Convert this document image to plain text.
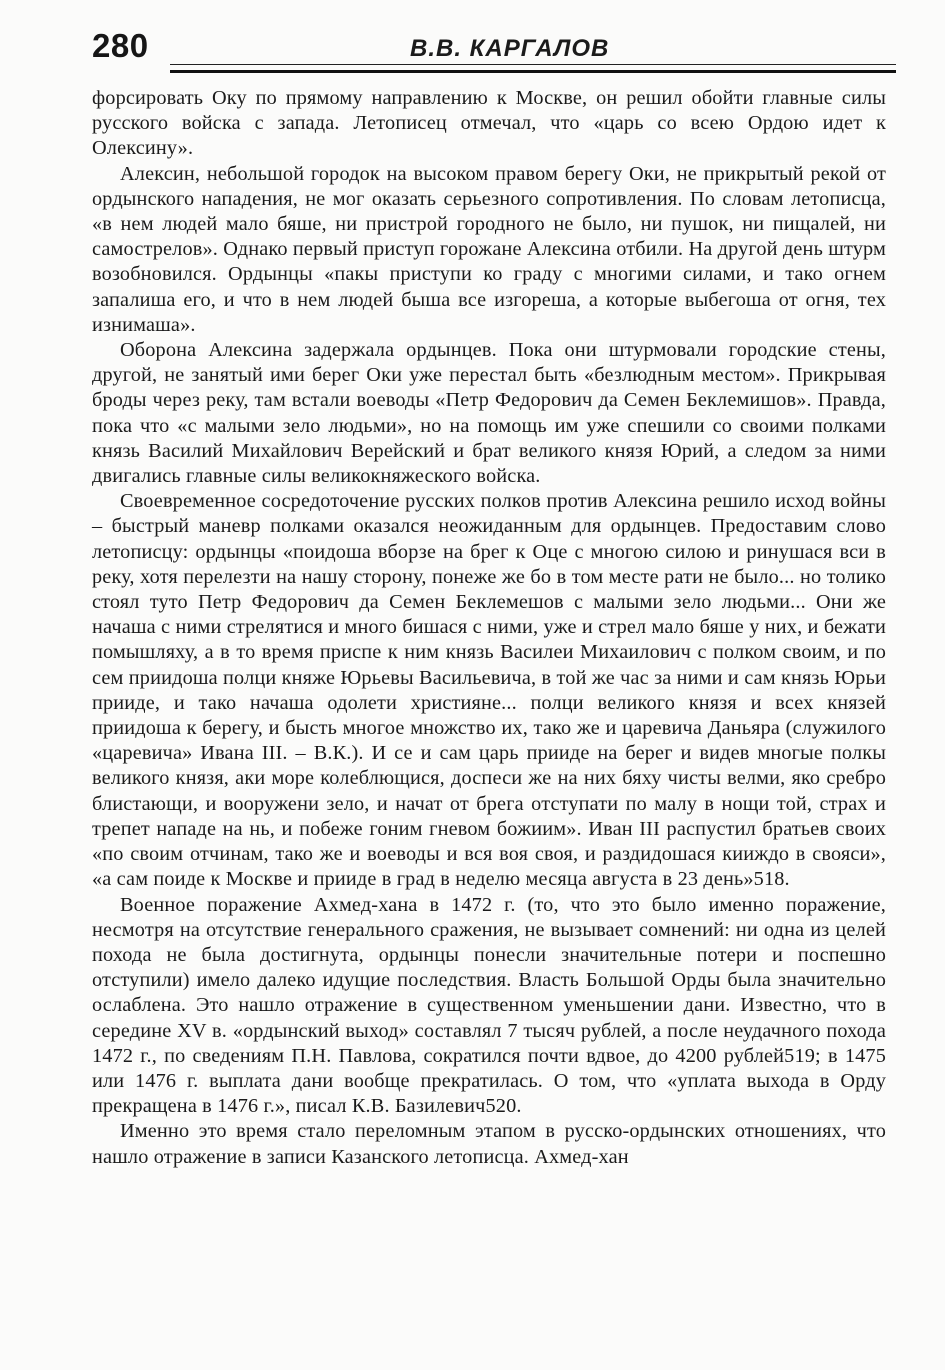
280	В.В. КАРГАЛОВ

форсировать Оку по прямому направлению к Москве, он решил обойти главные силы русского войска с запада. Летописец отмечал, что «царь со всею Ордою идет к Олексину».

Алексин, небольшой городок на высоком правом берегу Оки, не прикрытый рекой от ордынского нападения, не мог оказать серьезного сопротивления. По словам летописца, «в нем людей мало бяше, ни пристрой городного не было, ни пушок, ни пищалей, ни самострелов». Однако первый приступ горожане Алексина отбили. На другой день штурм возобновился. Ордынцы «пакы приступи ко граду с многими силами, и тако огнем запалиша его, и что в нем людей быша все изгореша, а которые выбегоша от огня, тех изнимаша».

Оборона Алексина задержала ордынцев. Пока они штурмовали городские стены, другой, не занятый ими берег Оки уже перестал быть «безлюдным местом». Прикрывая броды через реку, там встали воеводы «Петр Федорович да Семен Беклемишов». Правда, пока что «с малыми зело людьми», но на помощь им уже спешили со своими полками князь Василий Михайлович Верейский и брат великого князя Юрий, а следом за ними двигались главные силы великокняжеского войска.

Своевременное сосредоточение русских полков против Алексина решило исход войны – быстрый маневр полками оказался неожиданным для ордынцев. Предоставим слово летописцу: ордынцы «поидоша вборзе на брег к Оце с многою силою и ринушася вси в реку, хотя перелезти на нашу сторону, понеже же бо в том месте рати не было... но толико стоял туто Петр Федорович да Семен Беклемешов с малыми зело людьми... Они же начаша с ними стрелятися и много бишася с ними, уже и стрел мало бяше у них, и бежати помышляху, а в то время приспе к ним князь Василеи Михаилович с полком своим, и по сем приидоша полци княже Юрьевы Васильевича, в той же час за ними и сам князь Юрьи прииде, и тако начаша одолети християне... полци великого князя и всех князей приидоша к берегу, и бысть многое множство их, тако же и царевича Даньяра (служилого «царевича» Ивана III. – В.К.). И се и сам царь прииде на берег и видев многые полкы великого князя, аки море колеблющися, доспеси же на них бяху чисты велми, яко сребро блистающи, и вооружени зело, и начат от брега отступати по малу в нощи той, страх и трепет нападе на нь, и побеже гоним гневом божиим». Иван III распустил братьев своих «по своим отчинам, тако же и воеводы и вся воя своя, и раздидошася кииждо в свояси», «а сам поиде к Москве и приидe в град в неделю месяца августа в 23 день»518.

Военное поражение Ахмед-хана в 1472 г. (то, что это было именно поражение, несмотря на отсутствие генерального сражения, не вызывает сомнений: ни одна из целей похода не была достигнута, ордынцы понесли значительные потери и поспешно отступили) имело далеко идущие последствия. Власть Большой Орды была значительно ослаблена. Это нашло отражение в существенном уменьшении дани. Известно, что в середине XV в. «ордынский выход» составлял 7 тысяч рублей, а после неудачного похода 1472 г., по сведениям П.Н. Павлова, сократился почти вдвое, до 4200 рублей519; в 1475 или 1476 г. выплата дани вообще прекратилась. О том, что «уплата выхода в Орду прекращена в 1476 г.», писал К.В. Базилевич520.

Именно это время стало переломным этапом в русско-ордынских отношениях, что нашло отражение в записи Казанского летописца. Ахмед-хан
